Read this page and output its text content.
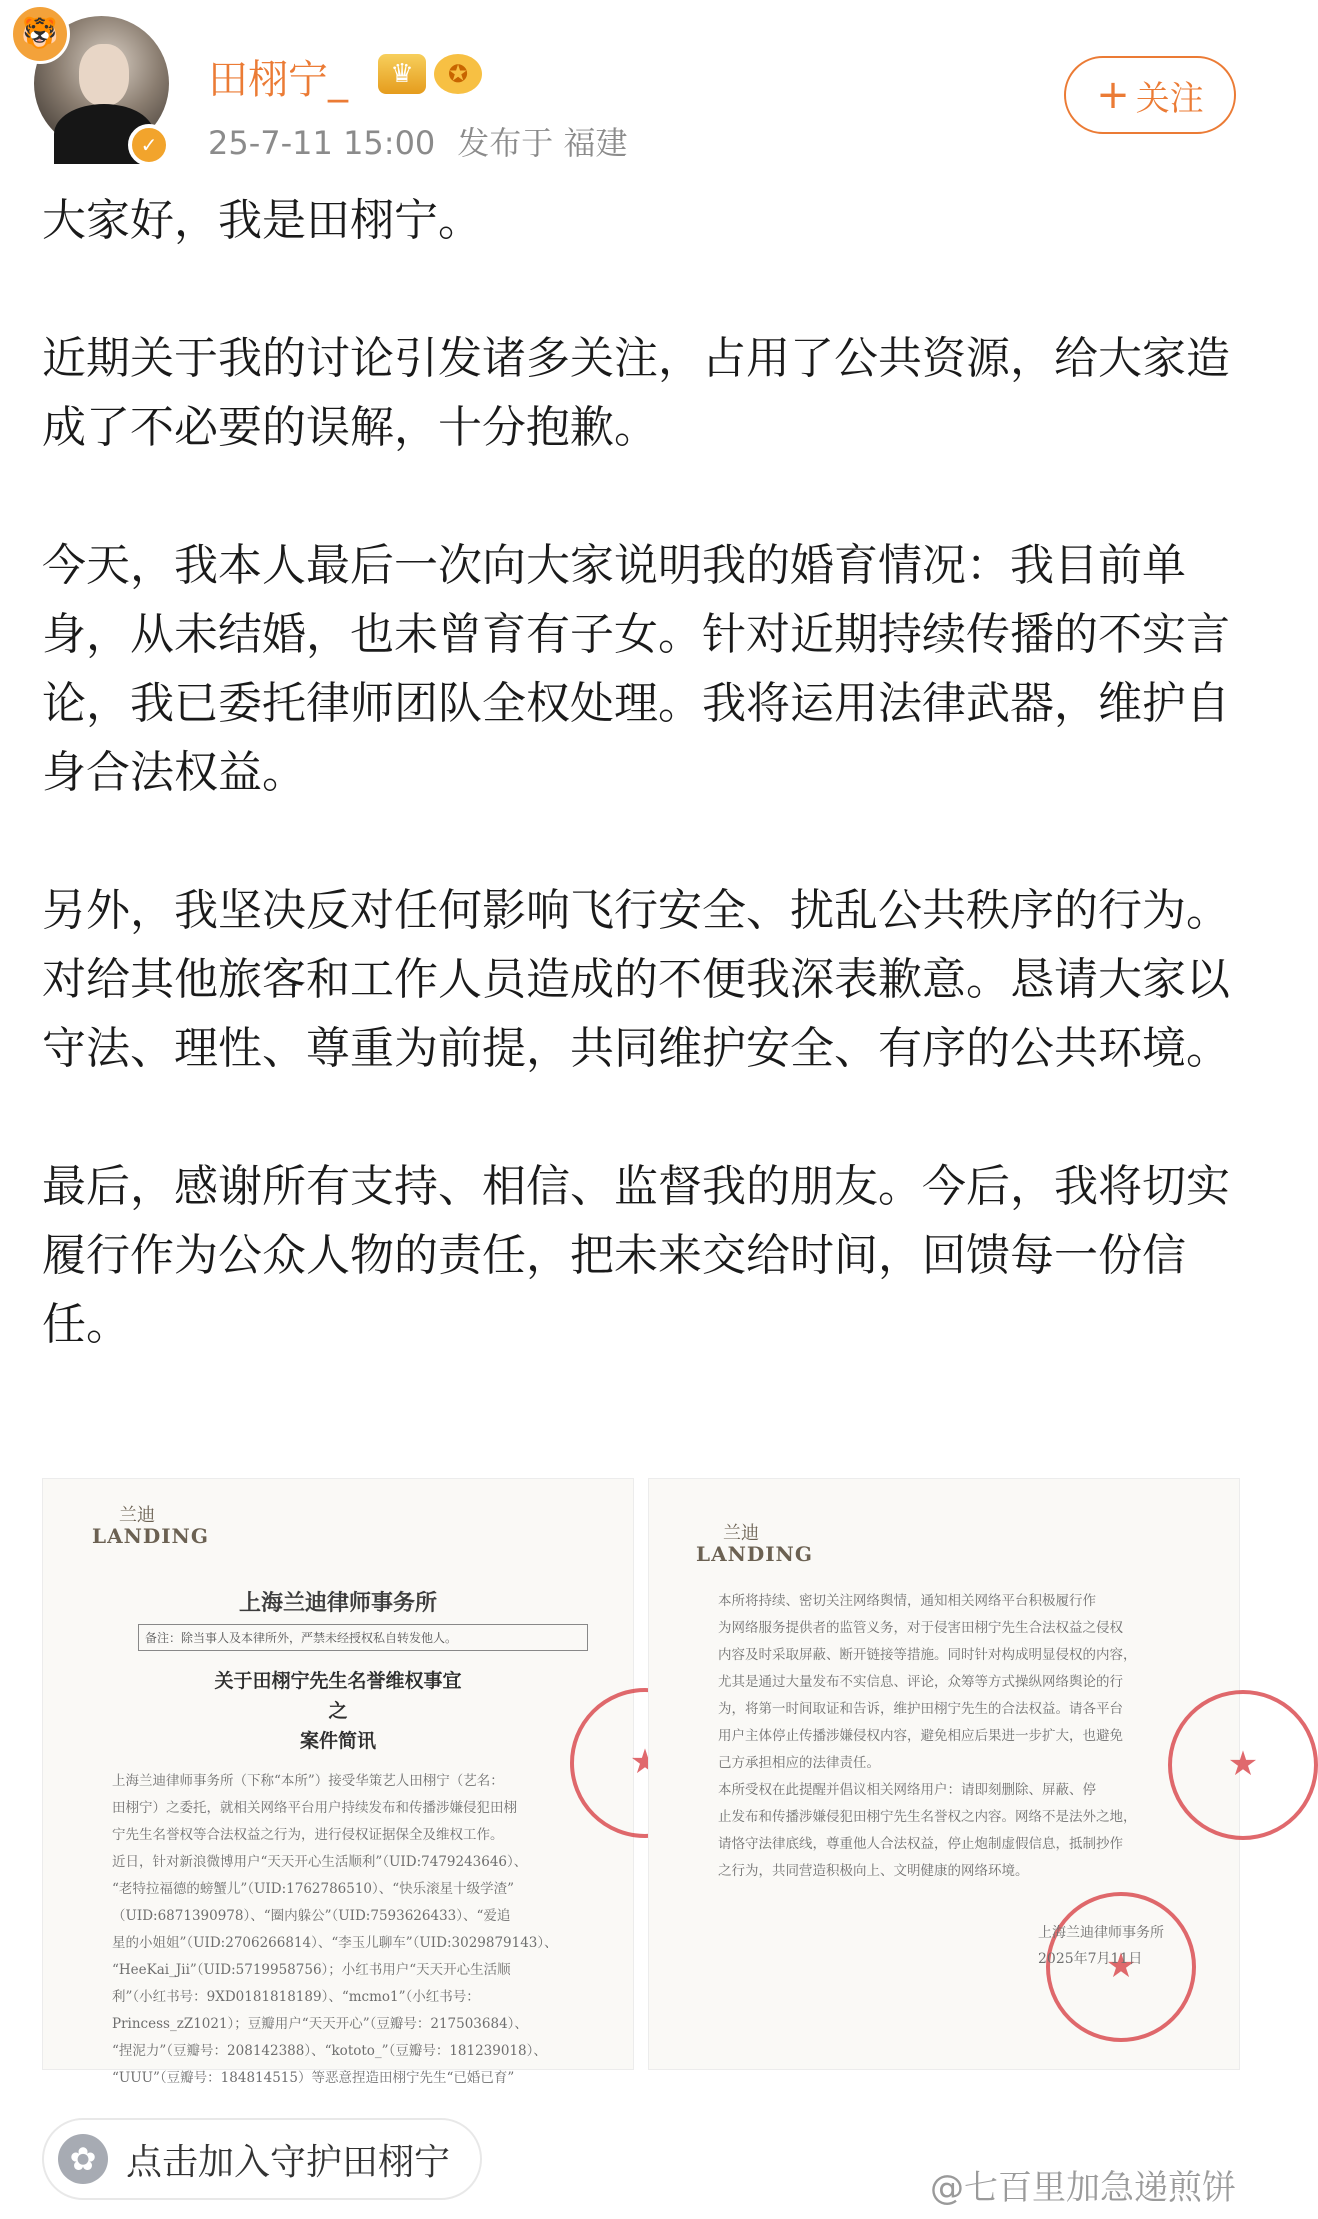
🐯
✓
田栩宁_	♛	✪
25-7-11 15:00 发布于 福建
+ 关注

大家好，我是田栩宁。

近期关于我的讨论引发诸多关注，占用了公共资源，给大家造成了不必要的误解，十分抱歉。

今天，我本人最后一次向大家说明我的婚育情况：我目前单身，从未结婚，也未曾育有子女。针对近期持续传播的不实言论，我已委托律师团队全权处理。我将运用法律武器，维护自身合法权益。

另外，我坚决反对任何影响飞行安全、扰乱公共秩序的行为。对给其他旅客和工作人员造成的不便我深表歉意。恳请大家以守法、理性、尊重为前提，共同维护安全、有序的公共环境。

最后，感谢所有支持、相信、监督我的朋友。今后，我将切实履行作为公众人物的责任，把未来交给时间，回馈每一份信任。

兰迪
LANDING
上海兰迪律师事务所
备注：除当事人及本律所外，严禁未经授权私自转发他人。
关于田栩宁先生名誉维权事宜
之
案件简讯
上海兰迪律师事务所（下称“本所”）接受华策艺人田栩宁（艺名：
田栩宁）之委托，就相关网络平台用户持续发布和传播涉嫌侵犯田栩
宁先生名誉权等合法权益之行为，进行侵权证据保全及维权工作。
近日，针对新浪微博用户“天天开心生活顺利”（UID:7479243646）、
“老特拉福德的螃蟹儿”（UID:1762786510）、“快乐滚星十级学渣”
（UID:6871390978）、“圈内躲公”（UID:7593626433）、“爱追
星的小姐姐”（UID:2706266814）、“李玉儿聊车”（UID:3029879143）、
“HeeKai_Jii”（UID:5719958756）；小红书用户“天天开心生活顺
利”（小红书号：9XD0181818189）、“mcmo1”（小红书号：
Princess_zZ1021）；豆瓣用户“天天开心”（豆瓣号：217503684）、
“捏泥力”（豆瓣号：208142388）、“kototo_”（豆瓣号：181239018）、
“UUU”（豆瓣号：184814515）等恶意捏造田栩宁先生“已婚已育”
★
兰迪
LANDING
本所将持续、密切关注网络舆情，通知相关网络平台积极履行作
为网络服务提供者的监管义务，对于侵害田栩宁先生合法权益之侵权
内容及时采取屏蔽、断开链接等措施。同时针对构成明显侵权的内容，
尤其是通过大量发布不实信息、评论，众筹等方式操纵网络舆论的行
为，将第一时间取证和告诉，维护田栩宁先生的合法权益。请各平台
用户主体停止传播涉嫌侵权内容，避免相应后果进一步扩大，也避免
己方承担相应的法律责任。
本所受权在此提醒并倡议相关网络用户：请即刻删除、屏蔽、停
止发布和传播涉嫌侵犯田栩宁先生名誉权之内容。网络不是法外之地，
请恪守法律底线，尊重他人合法权益，停止炮制虚假信息，抵制抄作
之行为，共同营造积极向上、文明健康的网络环境。
★
★
上海兰迪律师事务所
2025年7月11日
✿ 点击加入守护田栩宁
@七百里加急递煎饼
